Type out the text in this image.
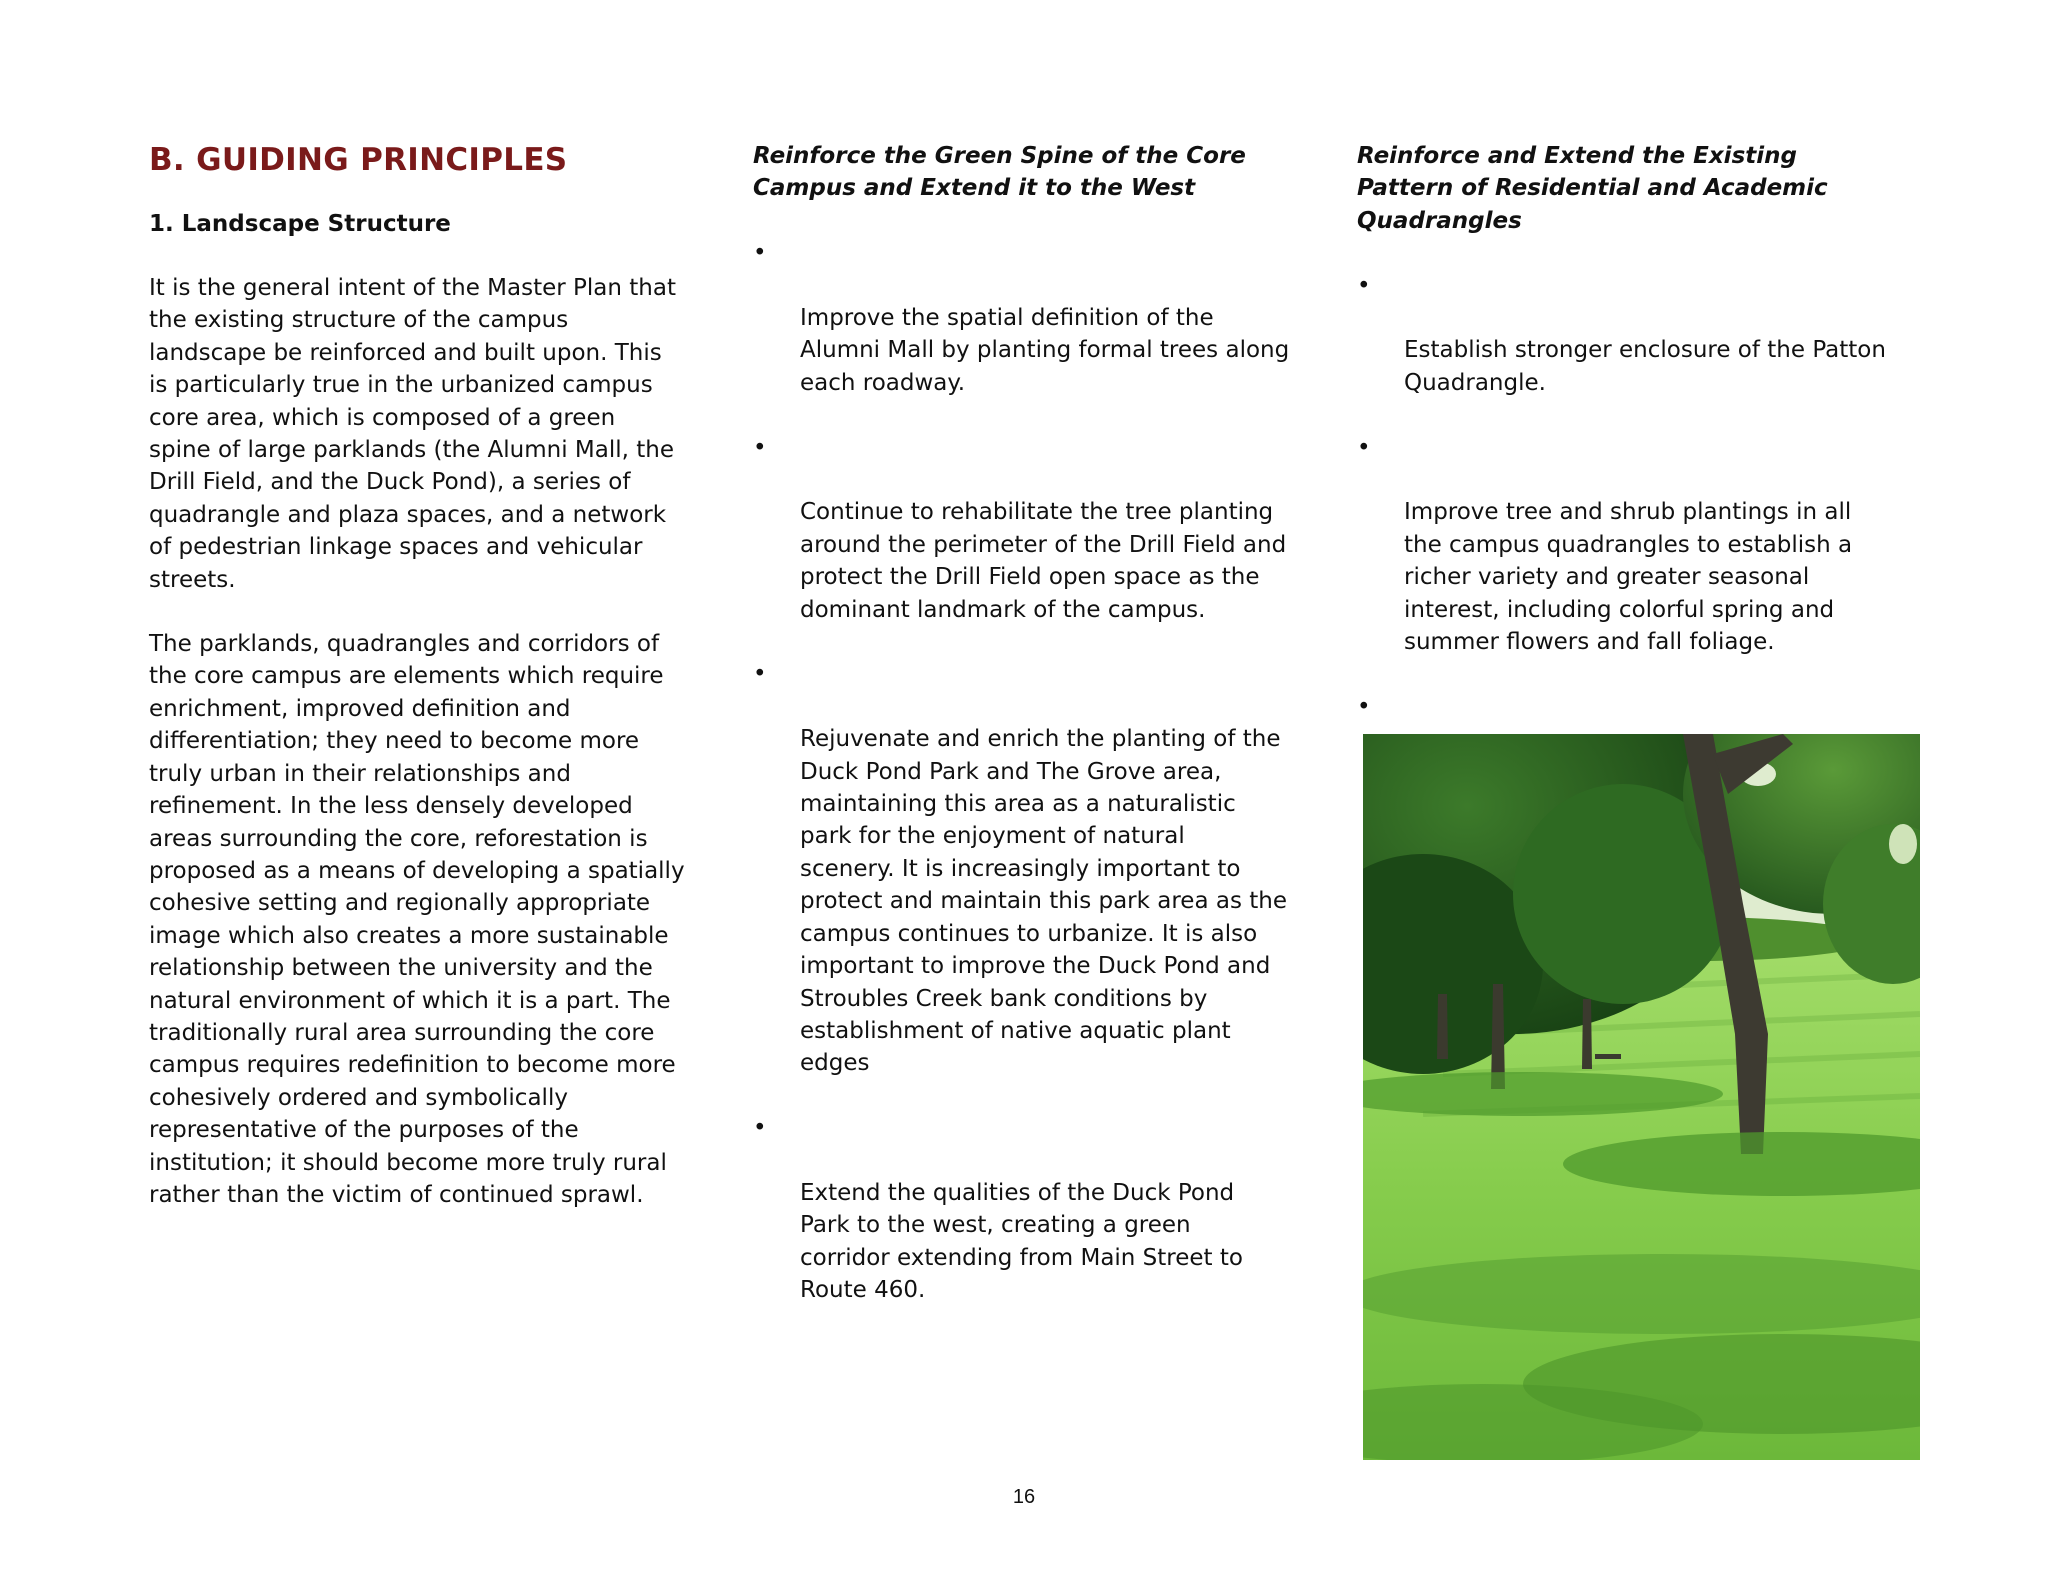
B. GUIDING PRINCIPLES
1. Landscape Structure

It is the general intent of the Master Plan that
the existing structure of the campus
landscape be reinforced and built upon. This
is particularly true in the urbanized campus
core area, which is composed of a green
spine of large parklands (the Alumni Mall, the
Drill Field, and the Duck Pond), a series of
quadrangle and plaza spaces, and a network
of pedestrian linkage spaces and vehicular
streets.

The parklands, quadrangles and corridors of
the core campus are elements which require
enrichment, improved definition and
differentiation; they need to become more
truly urban in their relationships and
refinement. In the less densely developed
areas surrounding the core, reforestation is
proposed as a means of developing a spatially
cohesive setting and regionally appropriate
image which also creates a more sustainable
relationship between the university and the
natural environment of which it is a part. The
traditionally rural area surrounding the core
campus requires redefinition to become more
cohesively ordered and symbolically
representative of the purposes of the
institution; it should become more truly rural
rather than the victim of continued sprawl.

Reinforce the Green Spine of the Core
Campus and Extend it to the West

•

Improve the spatial definition of the
Alumni Mall by planting formal trees along
each roadway.

•

Continue to rehabilitate the tree planting
around the perimeter of the Drill Field and
protect the Drill Field open space as the
dominant landmark of the campus.

•

Rejuvenate and enrich the planting of the
Duck Pond Park and The Grove area,
maintaining this area as a naturalistic
park for the enjoyment of natural
scenery. It is increasingly important to
protect and maintain this park area as the
campus continues to urbanize. It is also
important to improve the Duck Pond and
Stroubles Creek bank conditions by
establishment of native aquatic plant
edges

•

Extend the qualities of the Duck Pond
Park to the west, creating a green
corridor extending from Main Street to
Route 460.

Reinforce and Extend the Existing
Pattern of Residential and Academic
Quadrangles

•

Establish stronger enclosure of the Patton
Quadrangle.

•

Improve tree and shrub plantings in all
the campus quadrangles to establish a
richer variety and greater seasonal
interest, including colorful spring and
summer flowers and fall foliage.

•

16
